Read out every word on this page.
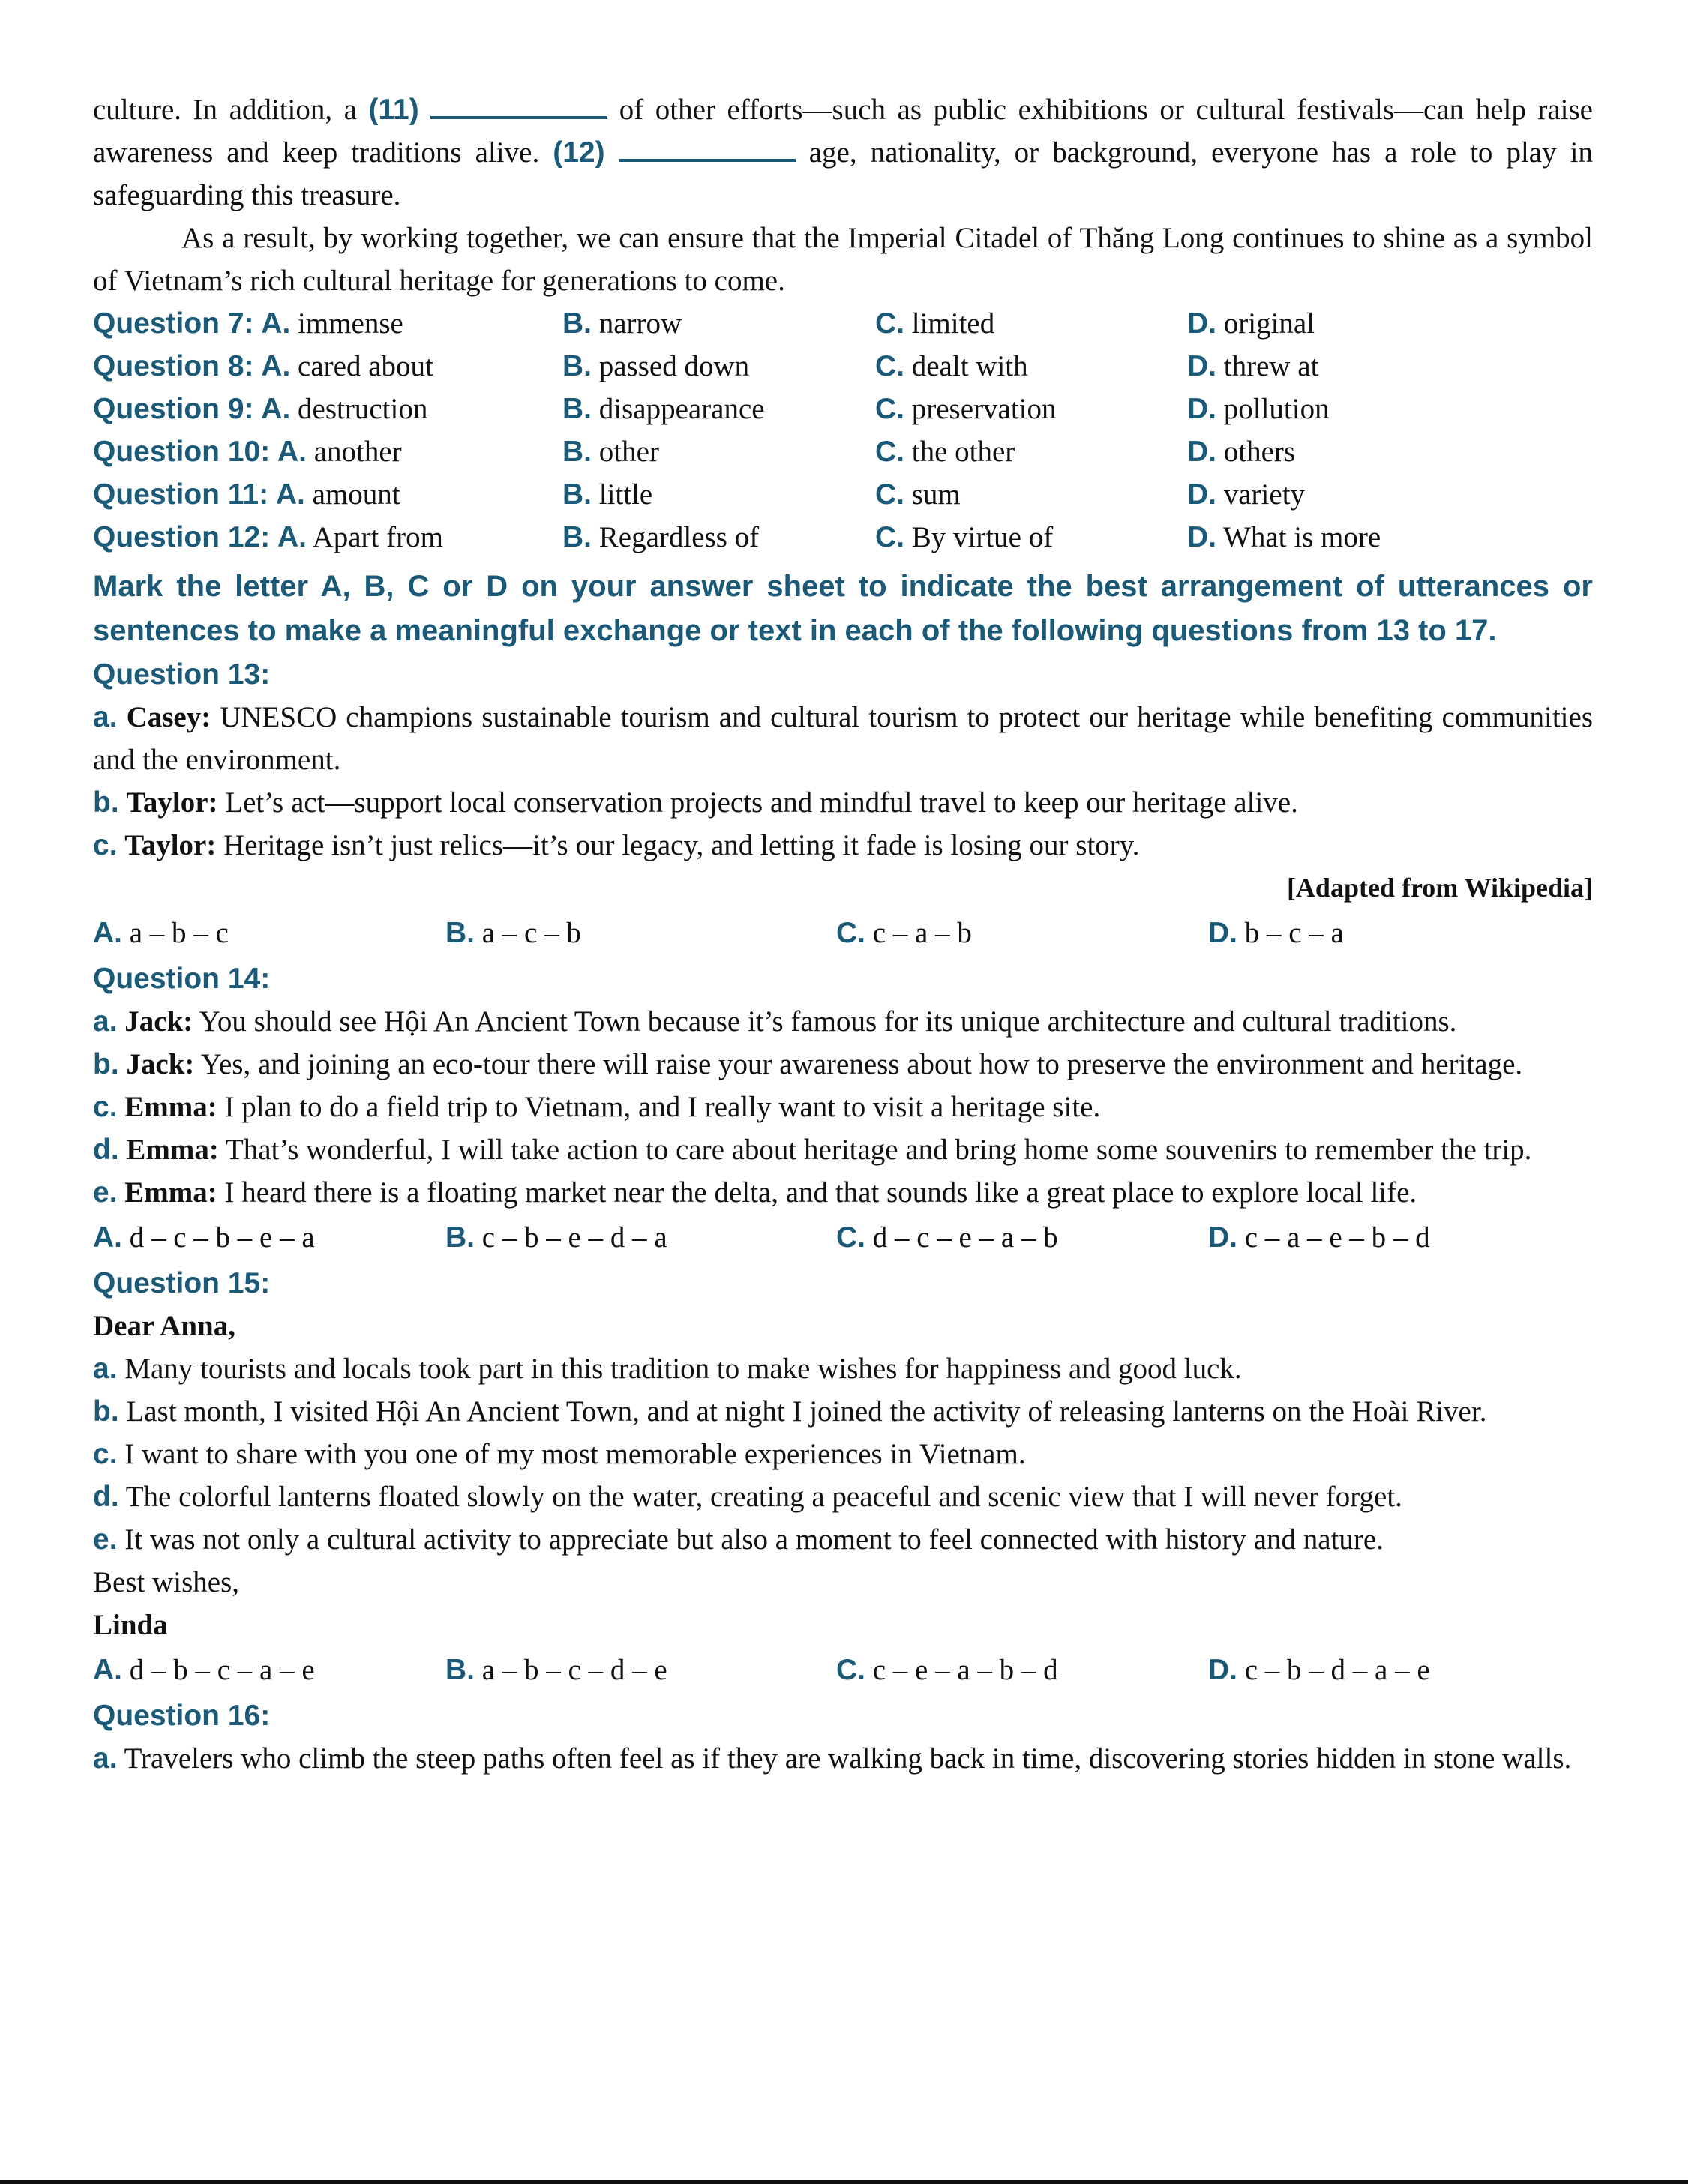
culture. In addition, a (11)	of other efforts—such as public exhibitions or cultural festivals—can help raise awareness and keep traditions alive. (12)	age, nationality, or background, everyone has a role to play in safeguarding this treasure.

As a result, by working together, we can ensure that the Imperial Citadel of Thăng Long continues to shine as a symbol of Vietnam’s rich cultural heritage for generations to come.

Question 7: A. immense	B. narrow	C. limited	D. original
Question 8: A. cared about	B. passed down	C. dealt with	D. threw at
Question 9: A. destruction	B. disappearance	C. preservation	D. pollution
Question 10: A. another	B. other	C. the other	D. others
Question 11: A. amount	B. little	C. sum	D. variety
Question 12: A. Apart from	B. Regardless of	C. By virtue of	D. What is more

Mark the letter A, B, C or D on your answer sheet to indicate the best arrangement of utterances or sentences to make a meaningful exchange or text in each of the following questions from 13 to 17.

Question 13:

a. Casey: UNESCO champions sustainable tourism and cultural tourism to protect our heritage while benefiting communities and the environment.

b. Taylor: Let’s act—support local conservation projects and mindful travel to keep our heritage alive.

c. Taylor: Heritage isn’t just relics—it’s our legacy, and letting it fade is losing our story.

[Adapted from Wikipedia]

A. a – b – c	B. a – c – b	C. c – a – b	D. b – c – a

Question 14:

a. Jack: You should see Hội An Ancient Town because it’s famous for its unique architecture and cultural traditions.

b. Jack: Yes, and joining an eco-tour there will raise your awareness about how to preserve the environment and heritage.

c. Emma: I plan to do a field trip to Vietnam, and I really want to visit a heritage site.

d. Emma: That’s wonderful, I will take action to care about heritage and bring home some souvenirs to remember the trip.

e. Emma: I heard there is a floating market near the delta, and that sounds like a great place to explore local life.

A. d – c – b – e – a	B. c – b – e – d – a	C. d – c – e – a – b	D. c – a – e – b – d

Question 15:

Dear Anna,

a. Many tourists and locals took part in this tradition to make wishes for happiness and good luck.

b. Last month, I visited Hội An Ancient Town, and at night I joined the activity of releasing lanterns on the Hoài River.

c. I want to share with you one of my most memorable experiences in Vietnam.

d. The colorful lanterns floated slowly on the water, creating a peaceful and scenic view that I will never forget.

e. It was not only a cultural activity to appreciate but also a moment to feel connected with history and nature.

Best wishes,

Linda

A. d – b – c – a – e	B. a – b – c – d – e	C. c – e – a – b – d	D. c – b – d – a – e

Question 16:

a. Travelers who climb the steep paths often feel as if they are walking back in time, discovering stories hidden in stone walls.
